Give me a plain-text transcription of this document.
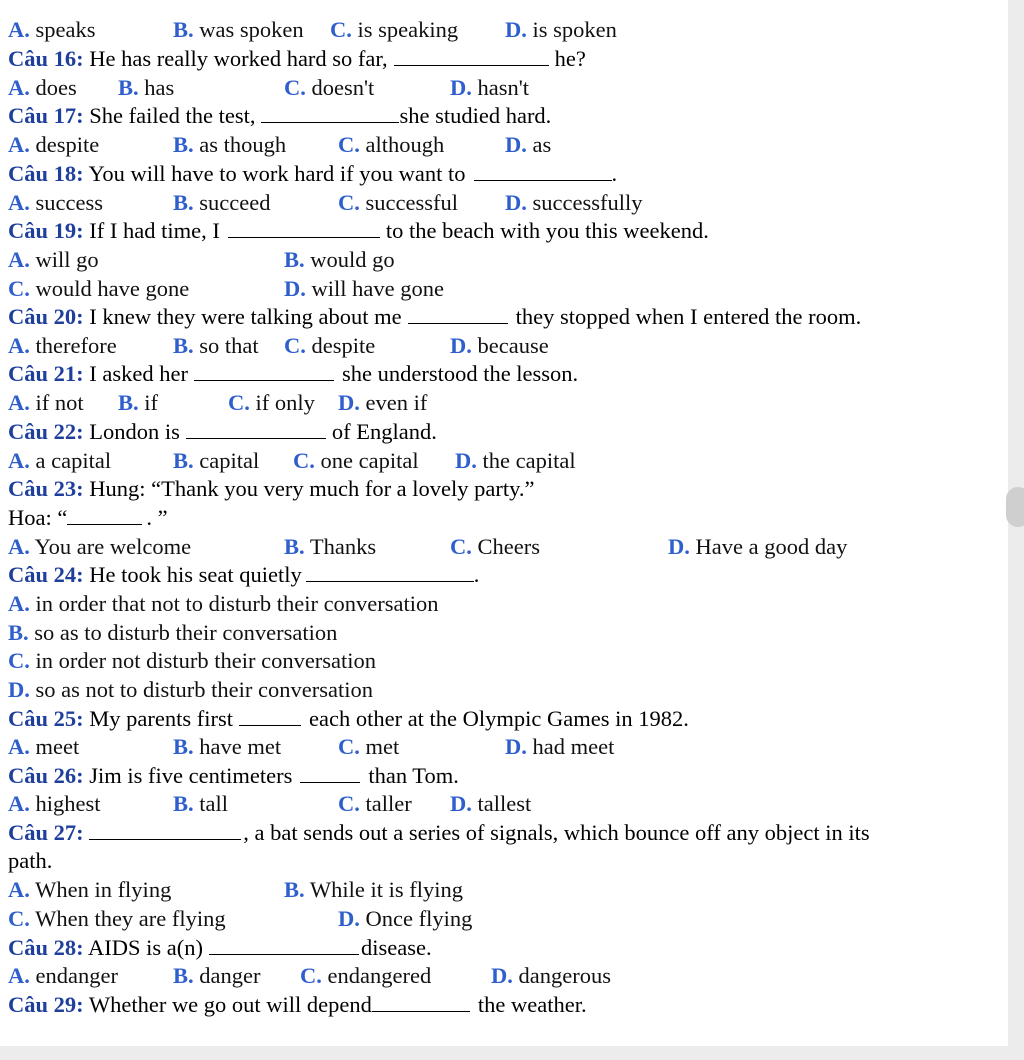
A. speaks	B. was spoken C. is speaking D. is spoken
Câu 16: He has really worked hard so far,	he?
A. does B. has	C. doesn't	D. hasn't
Câu 17: She failed the test,	she studied hard.
A. despite	B. as though C. although	D. as
Câu 18: You will have to work hard if you want to	.
A. success	B. succeed	C. successful D. successfully
Câu 19: If I had time, I	to the beach with you this weekend.
A. will go	B. would go
C. would have gone	D. will have gone
Câu 20: I knew they were talking about me	they stopped when I entered the room.
A. therefore	B. so that C. despite	D. because
Câu 21: I asked her	she understood the lesson.
A. if not B. if	C. if only D. even if
Câu 22: London is	of England.
A. a capital	B. capital C. one capital D. the capital
Câu 23: Hung: “Thank you very much for a lovely party.”
Hoa: “	. ”
A. You are welcome	B. Thanks	C. Cheers	D. Have a good day
Câu 24: He took his seat quietly	.
A. in order that not to disturb their conversation
B. so as to disturb their conversation
C. in order not disturb their conversation
D. so as not to disturb their conversation
Câu 25: My parents first	each other at the Olympic Games in 1982.
A. meet	B. have met	C. met	D. had meet
Câu 26: Jim is five centimeters	than Tom.
A. highest	B. tall	C. taller D. tallest
Câu 27:	, a bat sends out a series of signals, which bounce off any object in its
path.
A. When in flying	B. While it is flying
C. When they are flying	D. Once flying
Câu 28: AIDS is a(n)	disease.
A. endanger B. danger C. endangered	D. dangerous
Câu 29: Whether we go out will depend	the weather.
